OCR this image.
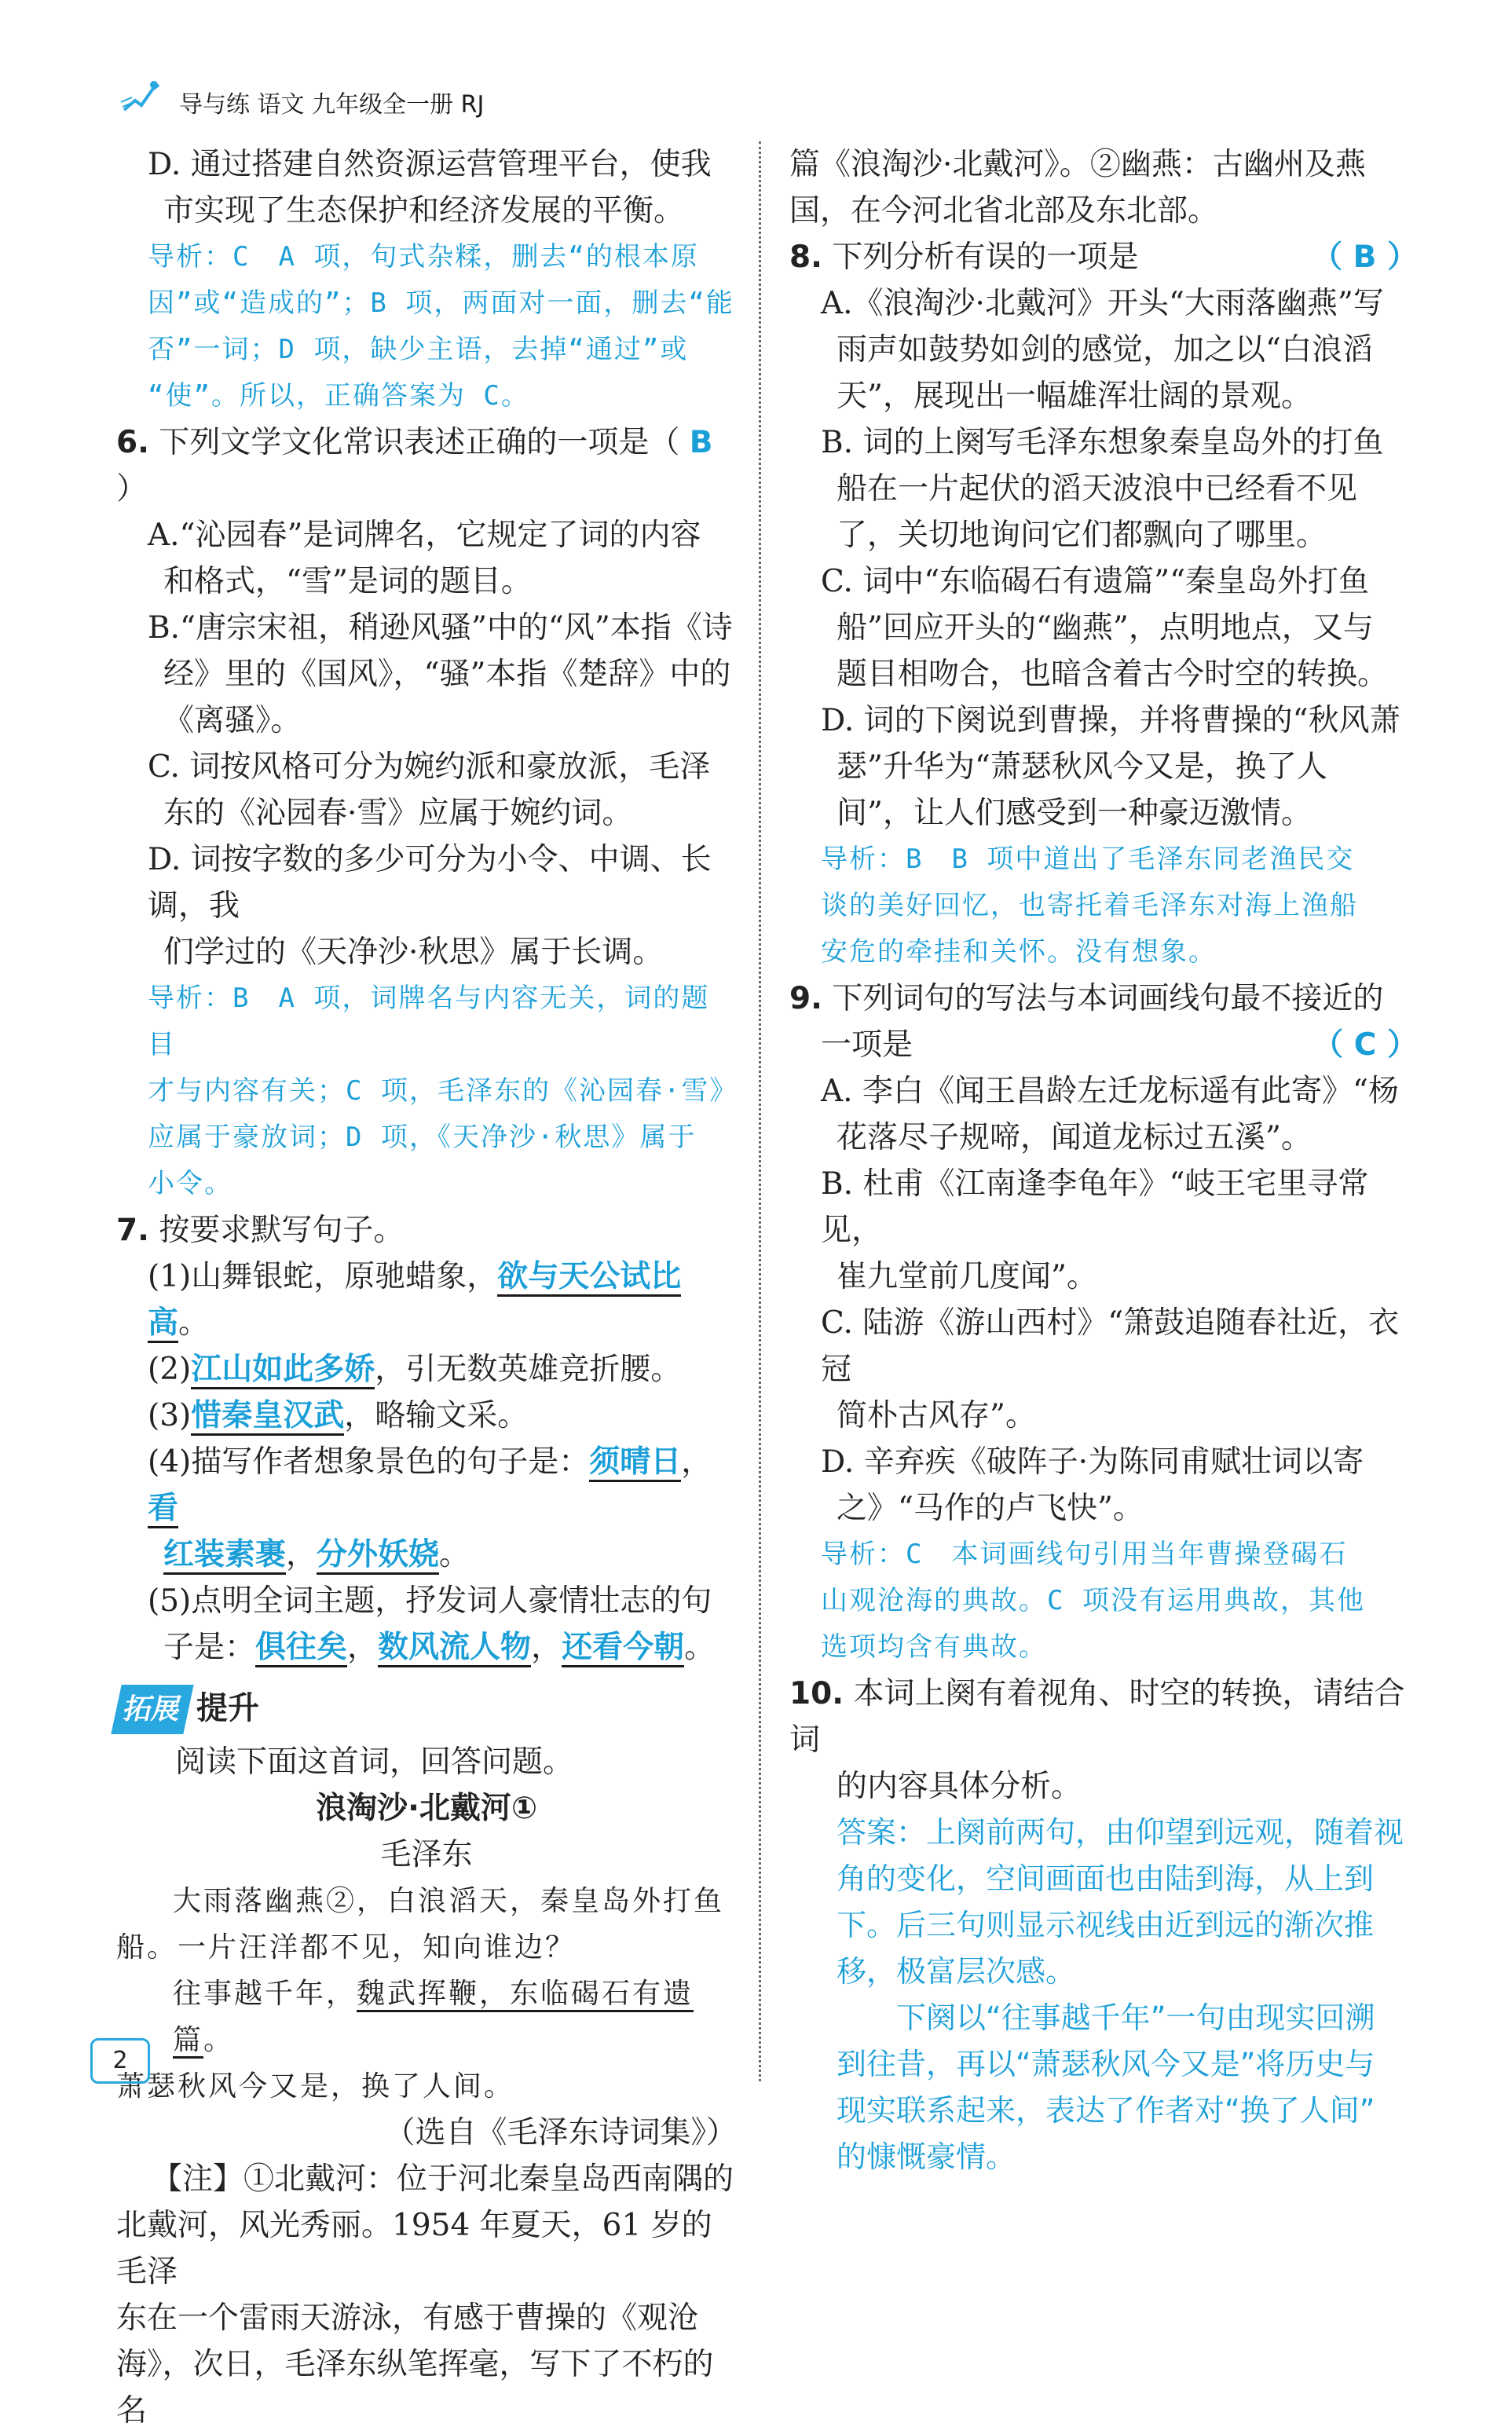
导与练 语文 九年级全一册 RJ

D. 通过搭建自然资源运营管理平台，使我

市实现了生态保护和经济发展的平衡。

导析：C　A 项，句式杂糅，删去“的根本原
因”或“造成的”；B 项，两面对一面，删去“能
否”一词；D 项，缺少主语，去掉“通过”或
“使”。所以，正确答案为 C。

6. 下列文学文化常识表述正确的一项是（ B ）

A.“沁园春”是词牌名，它规定了词的内容

和格式，“雪”是词的题目。

B.“唐宗宋祖，稍逊风骚”中的“风”本指《诗

经》里的《国风》，“骚”本指《楚辞》中的

《离骚》。

C. 词按风格可分为婉约派和豪放派，毛泽

东的《沁园春·雪》应属于婉约词。

D. 词按字数的多少可分为小令、中调、长调，我

们学过的《天净沙·秋思》属于长调。

导析：B　A 项，词牌名与内容无关，词的题目
才与内容有关；C 项，毛泽东的《沁园春·雪》
应属于豪放词；D 项，《天净沙·秋思》属于
小令。

7. 按要求默写句子。

(1)山舞银蛇，原驰蜡象，欲与天公试比高。

(2)江山如此多娇，引无数英雄竞折腰。

(3)惜秦皇汉武，略输文采。

(4)描写作者想象景色的句子是：须晴日，看

红装素裹，分外妖娆。

(5)点明全词主题，抒发词人豪情壮志的句

子是：俱往矣，数风流人物，还看今朝。

拓展 提升

阅读下面这首词，回答问题。

浪淘沙·北戴河①

毛泽东

大雨落幽燕②，白浪滔天，秦皇岛外打鱼
船。一片汪洋都不见，知向谁边？
往事越千年，魏武挥鞭，东临碣石有遗篇。
萧瑟秋风今又是，换了人间。

（选自《毛泽东诗词集》）

【注】①北戴河：位于河北秦皇岛西南隅的
北戴河，风光秀丽。1954 年夏天，61 岁的毛泽
东在一个雷雨天游泳，有感于曹操的《观沧
海》，次日，毛泽东纵笔挥毫，写下了不朽的名

篇《浪淘沙·北戴河》。②幽燕：古幽州及燕

国，在今河北省北部及东北部。

8. 下列分析有误的一项是	（ B ）

A.《浪淘沙·北戴河》开头“大雨落幽燕”写

雨声如鼓势如剑的感觉，加之以“白浪滔

天”，展现出一幅雄浑壮阔的景观。

B. 词的上阕写毛泽东想象秦皇岛外的打鱼

船在一片起伏的滔天波浪中已经看不见

了，关切地询问它们都飘向了哪里。

C. 词中“东临碣石有遗篇”“秦皇岛外打鱼

船”回应开头的“幽燕”，点明地点，又与

题目相吻合，也暗含着古今时空的转换。

D. 词的下阕说到曹操，并将曹操的“秋风萧

瑟”升华为“萧瑟秋风今又是，换了人

间”，让人们感受到一种豪迈激情。

导析：B　B 项中道出了毛泽东同老渔民交
谈的美好回忆，也寄托着毛泽东对海上渔船
安危的牵挂和关怀。没有想象。

9. 下列词句的写法与本词画线句最不接近的

一项是	（ C ）

A. 李白《闻王昌龄左迁龙标遥有此寄》“杨

花落尽子规啼，闻道龙标过五溪”。

B. 杜甫《江南逢李龟年》“岐王宅里寻常见，

崔九堂前几度闻”。

C. 陆游《游山西村》“箫鼓追随春社近，衣冠

简朴古风存”。

D. 辛弃疾《破阵子·为陈同甫赋壮词以寄

之》“马作的卢飞快”。

导析：C　本词画线句引用当年曹操登碣石
山观沧海的典故。C 项没有运用典故，其他
选项均含有典故。

10. 本词上阕有着视角、时空的转换，请结合词

的内容具体分析。

答案：上阕前两句，由仰望到远观，随着视
角的变化，空间画面也由陆到海，从上到
下。后三句则显示视线由近到远的渐次推
移，极富层次感。
　　下阕以“往事越千年”一句由现实回溯
到往昔，再以“萧瑟秋风今又是”将历史与
现实联系起来，表达了作者对“换了人间”
的慷慨豪情。
2
